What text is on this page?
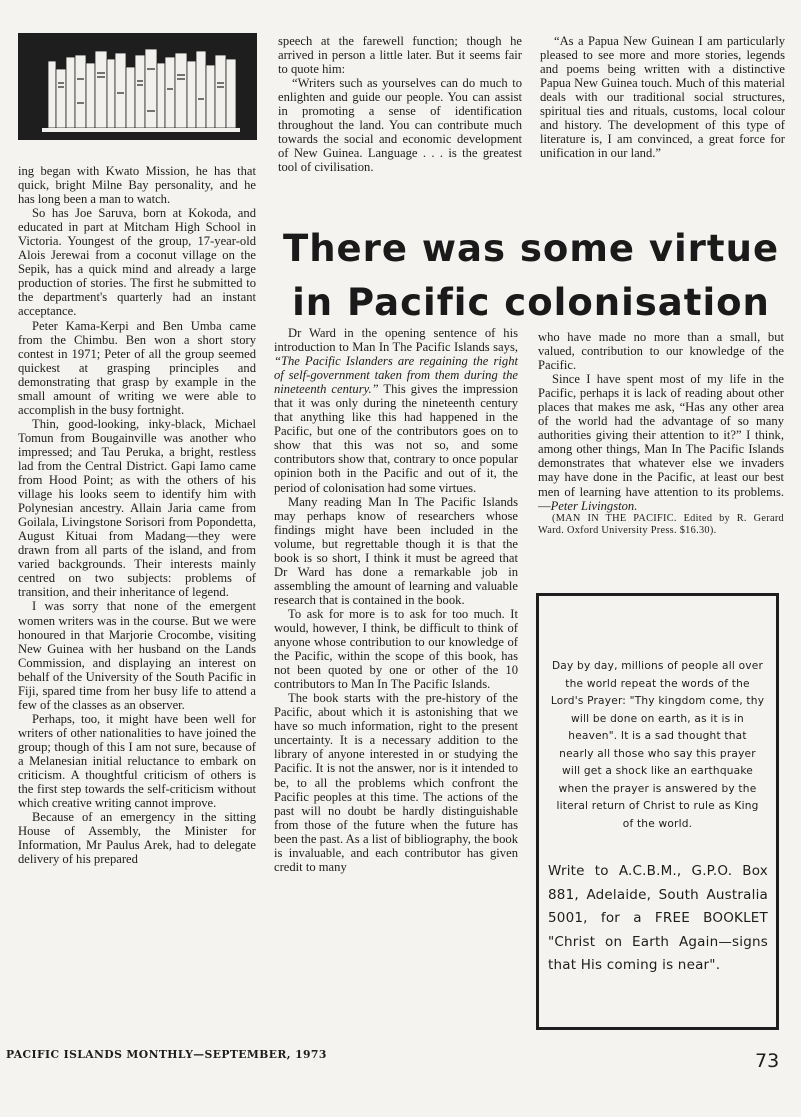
ing began with Kwato Mission, he has that quick, bright Milne Bay personality, and he has long been a man to watch.

So has Joe Saruva, born at Kokoda, and educated in part at Mitcham High School in Victoria. Youngest of the group, 17-year-old Alois Jerewai from a coconut village on the Sepik, has a quick mind and already a large production of stories. The first he submitted to the department's quarterly had an instant acceptance.

Peter Kama-Kerpi and Ben Umba came from the Chimbu. Ben won a short story contest in 1971; Peter of all the group seemed quickest at grasping principles and demonstrating that grasp by example in the small amount of writing we were able to accomplish in the busy fortnight.

Thin, good-looking, inky-black, Michael Tomun from Bougainville was another who impressed; and Tau Peruka, a bright, restless lad from the Central District. Gapi Iamo came from Hood Point; as with the others of his village his looks seem to identify him with Polynesian ancestry. Allain Jaria came from Goilala, Livingstone Sorisori from Popondetta, August Kituai from Madang—they were drawn from all parts of the island, and from varied backgrounds. Their interests mainly centred on two subjects: problems of transition, and their inheritance of legend.

I was sorry that none of the emergent women writers was in the course. But we were honoured in that Marjorie Crocombe, visiting New Guinea with her husband on the Lands Commission, and displaying an interest on behalf of the University of the South Pacific in Fiji, spared time from her busy life to attend a few of the classes as an observer.

Perhaps, too, it might have been well for writers of other nationalities to have joined the group; though of this I am not sure, because of a Melanesian initial reluctance to embark on criticism. A thoughtful criticism of others is the first step towards the self-criticism without which creative writing cannot improve.

Because of an emergency in the sitting House of Assembly, the Minister for Information, Mr Paulus Arek, had to delegate delivery of his prepared

speech at the farewell function; though he arrived in person a little later. But it seems fair to quote him:

“Writers such as yourselves can do much to enlighten and guide our people. You can assist in promoting a sense of identification throughout the land. You can contribute much towards the social and economic development of New Guinea. Language . . . is the greatest tool of civilisation.

“As a Papua New Guinean I am particularly pleased to see more and more stories, legends and poems being written with a distinctive Papua New Guinea touch. Much of this material deals with our traditional social structures, spiritual ties and rituals, customs, local colour and history. The development of this type of literature is, I am convinced, a great force for unification in our land.”

There was some virtue in Pacific colonisation

Dr Ward in the opening sentence of his introduction to Man In The Pacific Islands says, “The Pacific Islanders are regaining the right of self-government taken from them during the nineteenth century.” This gives the impression that it was only during the nineteenth century that anything like this had happened in the Pacific, but one of the contributors goes on to show that this was not so, and some contributors show that, contrary to once popular opinion both in the Pacific and out of it, the period of colonisation had some virtues.

Many reading Man In The Pacific Islands may perhaps know of researchers whose findings might have been included in the volume, but regrettable though it is that the book is so short, I think it must be agreed that Dr Ward has done a remarkable job in assembling the amount of learning and valuable research that is contained in the book.

To ask for more is to ask for too much. It would, however, I think, be difficult to think of anyone whose contribution to our knowledge of the Pacific, within the scope of this book, has not been quoted by one or other of the 10 contributors to Man In The Pacific Islands.

The book starts with the pre-history of the Pacific, about which it is astonishing that we have so much information, right to the present uncertainty. It is a necessary addition to the library of anyone interested in or studying the Pacific. It is not the answer, nor is it intended to be, to all the problems which confront the Pacific peoples at this time. The actions of the past will no doubt be hardly distinguishable from those of the future when the future has been the past. As a list of bibliography, the book is invaluable, and each contributor has given credit to many

who have made no more than a small, but valued, contribution to our knowledge of the Pacific.

Since I have spent most of my life in the Pacific, perhaps it is lack of reading about other places that makes me ask, “Has any other area of the world had the advantage of so many authorities giving their attention to it?” I think, among other things, Man In The Pacific Islands demonstrates that whatever else we invaders may have done in the Pacific, at least our best men of learning have attention to its problems.—Peter Livingston.

(MAN IN THE PACIFIC. Edited by R. Gerard Ward. Oxford University Press. $16.30).

Day by day, millions of people all over the world repeat the words of the Lord's Prayer: "Thy kingdom come, thy will be done on earth, as it is in heaven". It is a sad thought that nearly all those who say this prayer will get a shock like an earthquake when the prayer is answered by the literal return of Christ to rule as King of the world.

Write to A.C.B.M., G.P.O. Box 881, Adelaide, South Australia 5001, for a FREE BOOKLET "Christ on Earth Again—signs that His coming is near".

PACIFIC ISLANDS MONTHLY—SEPTEMBER, 1973	73
